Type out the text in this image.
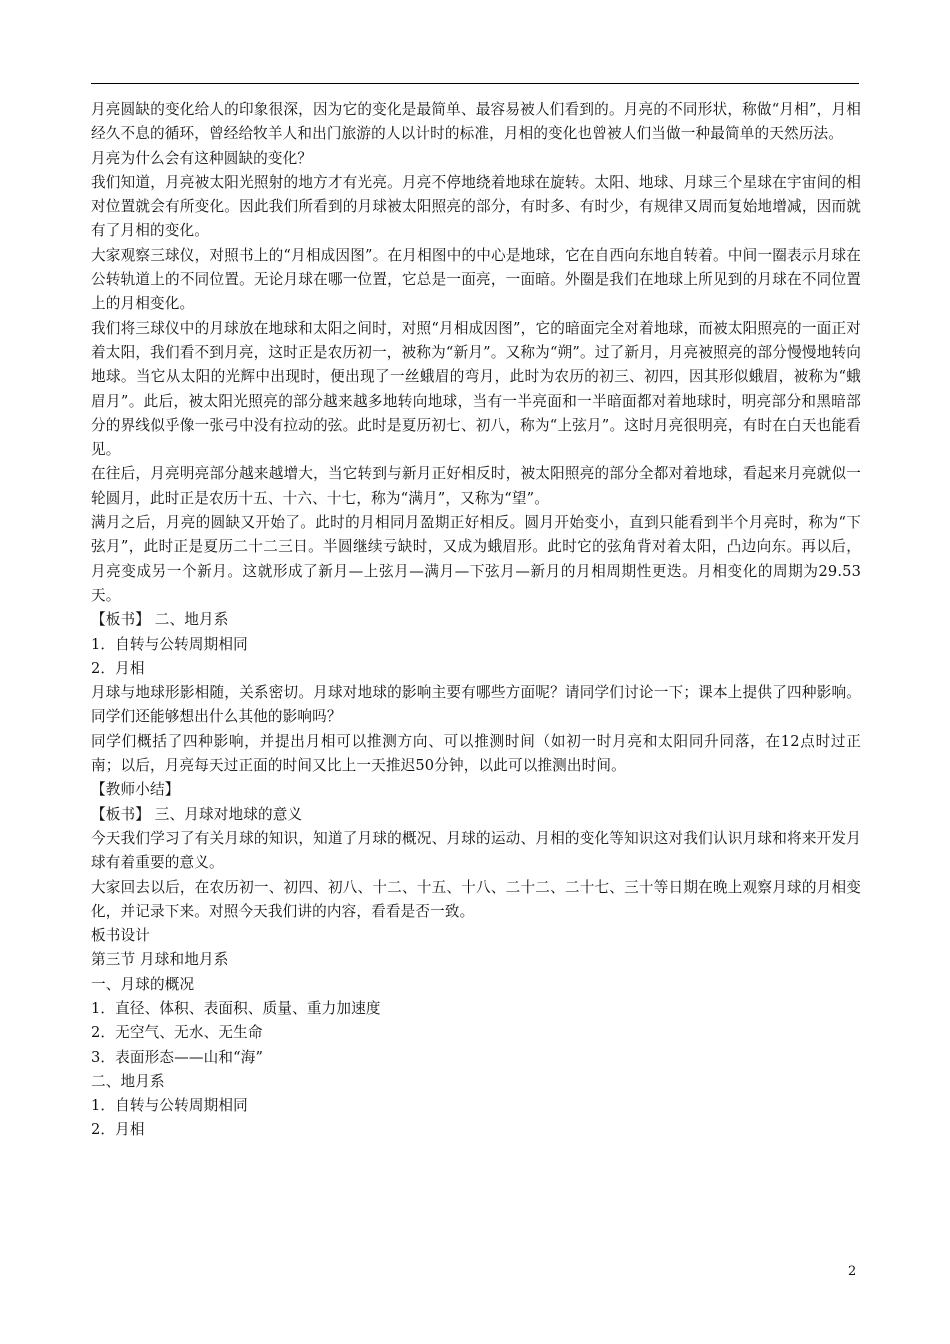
月亮圆缺的变化给人的印象很深，因为它的变化是最简单、最容易被人们看到的。月亮的不同形状，称做“月相”，月相经久不息的循环，曾经给牧羊人和出门旅游的人以计时的标准，月相的变化也曾被人们当做一种最简单的天然历法。

月亮为什么会有这种圆缺的变化？

我们知道，月亮被太阳光照射的地方才有光亮。月亮不停地绕着地球在旋转。太阳、地球、月球三个星球在宇宙间的相对位置就会有所变化。因此我们所看到的月球被太阳照亮的部分，有时多、有时少，有规律又周而复始地增减，因而就有了月相的变化。

大家观察三球仪，对照书上的“月相成因图”。在月相图中的中心是地球，它在自西向东地自转着。中间一圈表示月球在公转轨道上的不同位置。无论月球在哪一位置，它总是一面亮，一面暗。外圈是我们在地球上所见到的月球在不同位置上的月相变化。

我们将三球仪中的月球放在地球和太阳之间时，对照“月相成因图”，它的暗面完全对着地球，而被太阳照亮的一面正对着太阳，我们看不到月亮，这时正是农历初一，被称为“新月”。又称为“朔”。过了新月，月亮被照亮的部分慢慢地转向地球。当它从太阳的光辉中出现时，便出现了一丝蛾眉的弯月，此时为农历的初三、初四，因其形似蛾眉，被称为“蛾眉月”。此后，被太阳光照亮的部分越来越多地转向地球，当有一半亮面和一半暗面都对着地球时，明亮部分和黑暗部分的界线似乎像一张弓中没有拉动的弦。此时是夏历初七、初八，称为“上弦月”。这时月亮很明亮，有时在白天也能看见。

在往后，月亮明亮部分越来越增大，当它转到与新月正好相反时，被太阳照亮的部分全都对着地球，看起来月亮就似一轮圆月，此时正是农历十五、十六、十七，称为“满月”，又称为“望”。

满月之后，月亮的圆缺又开始了。此时的月相同月盈期正好相反。圆月开始变小，直到只能看到半个月亮时，称为“下弦月”，此时正是夏历二十二三日。半圆继续亏缺时，又成为蛾眉形。此时它的弦角背对着太阳，凸边向东。再以后，月亮变成另一个新月。这就形成了新月—上弦月—满月—下弦月—新月的月相周期性更迭。月相变化的周期为29.53天。

【板书】 二、地月系

1．自转与公转周期相同

2．月相

月球与地球形影相随，关系密切。月球对地球的影响主要有哪些方面呢？请同学们讨论一下；课本上提供了四种影响。同学们还能够想出什么其他的影响吗？

同学们概括了四种影响，并提出月相可以推测方向、可以推测时间（如初一时月亮和太阳同升同落，在12点时过正南；以后，月亮每天过正面的时间又比上一天推迟50分钟，以此可以推测出时间。

【教师小结】

【板书】 三、月球对地球的意义

今天我们学习了有关月球的知识，知道了月球的概况、月球的运动、月相的变化等知识这对我们认识月球和将来开发月球有着重要的意义。

大家回去以后，在农历初一、初四、初八、十二、十五、十八、二十二、二十七、三十等日期在晚上观察月球的月相变化，并记录下来。对照今天我们讲的内容，看看是否一致。

板书设计

第三节 月球和地月系

一、月球的概况

1．直径、体积、表面积、质量、重力加速度

2．无空气、无水、无生命

3．表面形态——山和“海”

二、地月系

1．自转与公转周期相同

2．月相

2
